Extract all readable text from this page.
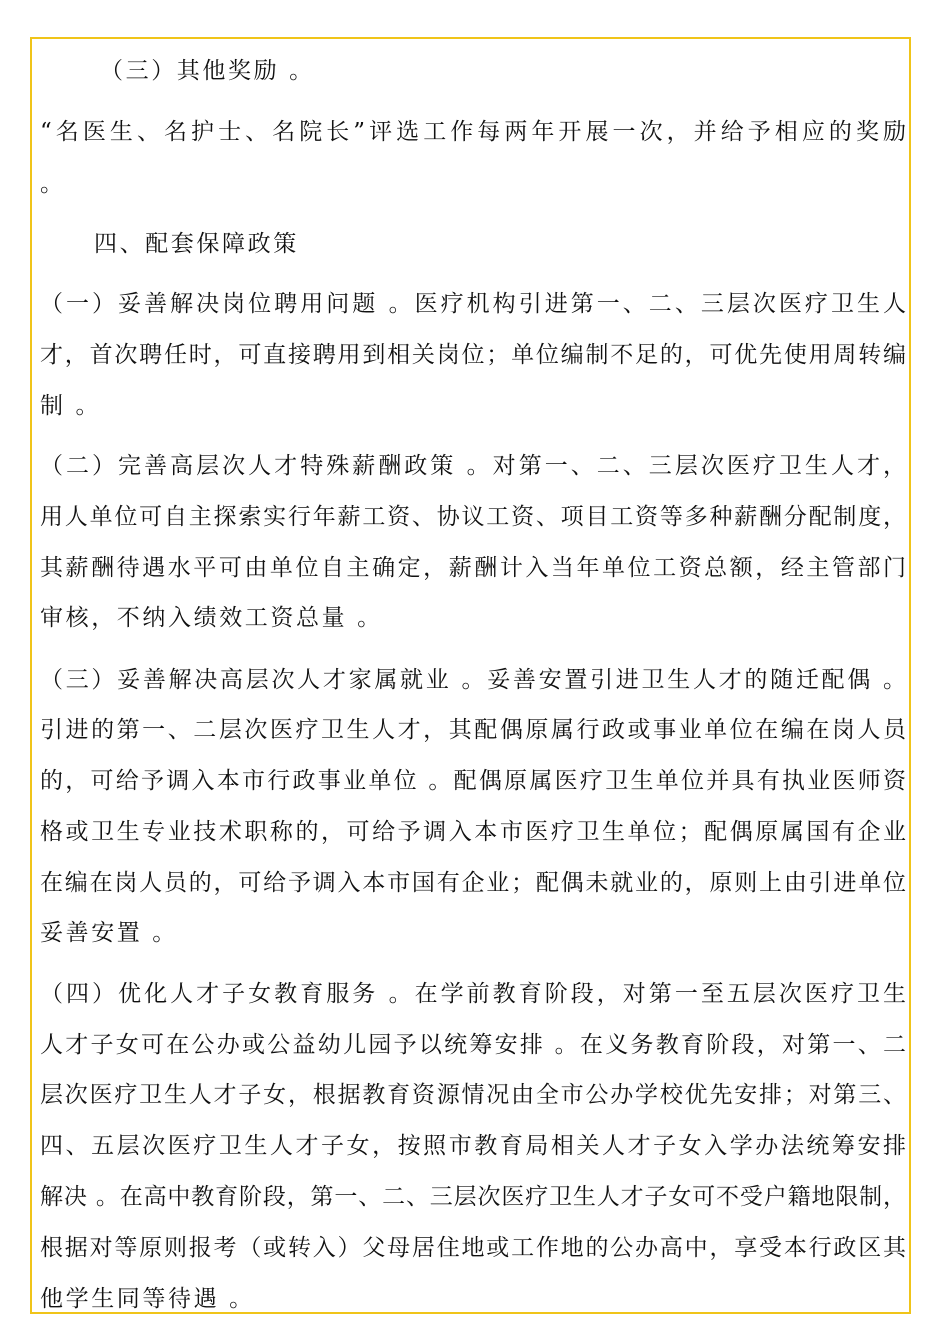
（三）其他奖励 。
“名医生、名护士、名院长”评选工作每两年开展一次，并给予相应的奖励
。
四、配套保障政策
（一）妥善解决岗位聘用问题 。医疗机构引进第一、二、三层次医疗卫生人
才，首次聘任时，可直接聘用到相关岗位；单位编制不足的，可优先使用周转编
制 。
（二）完善高层次人才特殊薪酬政策 。对第一、二、三层次医疗卫生人才，
用人单位可自主探索实行年薪工资、协议工资、项目工资等多种薪酬分配制度，
其薪酬待遇水平可由单位自主确定，薪酬计入当年单位工资总额，经主管部门
审核，不纳入绩效工资总量 。
（三）妥善解决高层次人才家属就业 。妥善安置引进卫生人才的随迁配偶 。
引进的第一、二层次医疗卫生人才，其配偶原属行政或事业单位在编在岗人员
的，可给予调入本市行政事业单位 。配偶原属医疗卫生单位并具有执业医师资
格或卫生专业技术职称的，可给予调入本市医疗卫生单位；配偶原属国有企业
在编在岗人员的，可给予调入本市国有企业；配偶未就业的，原则上由引进单位
妥善安置 。
（四）优化人才子女教育服务 。在学前教育阶段，对第一至五层次医疗卫生
人才子女可在公办或公益幼儿园予以统筹安排 。在义务教育阶段，对第一、二
层次医疗卫生人才子女，根据教育资源情况由全市公办学校优先安排；对第三、
四、五层次医疗卫生人才子女，按照市教育局相关人才子女入学办法统筹安排
解决 。在高中教育阶段，第一、二、三层次医疗卫生人才子女可不受户籍地限制，
根据对等原则报考（或转入）父母居住地或工作地的公办高中，享受本行政区其
他学生同等待遇 。
